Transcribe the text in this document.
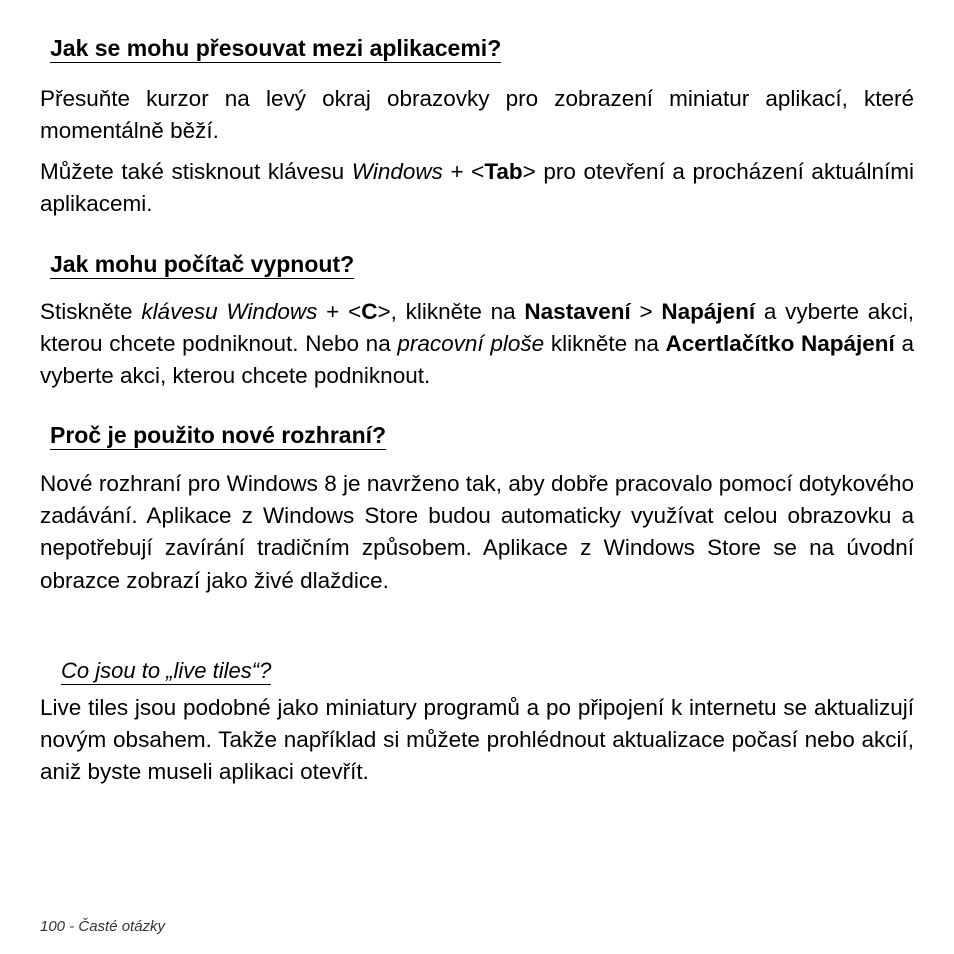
Jak se mohu přesouvat mezi aplikacemi?

Přesuňte kurzor na levý okraj obrazovky pro zobrazení miniatur aplikací, které momentálně běží.

Můžete také stisknout klávesu Windows + <Tab> pro otevření a procházení aktuálními aplikacemi.

Jak mohu počítač vypnout?

Stiskněte klávesu Windows + <C>, klikněte na Nastavení > Napájení a vyberte akci, kterou chcete podniknout. Nebo na pracovní ploše klikněte na Acertlačítko Napájení a vyberte akci, kterou chcete podniknout.

Proč je použito nové rozhraní?

Nové rozhraní pro Windows 8 je navrženo tak, aby dobře pracovalo pomocí dotykového zadávání. Aplikace z Windows Store budou automaticky využívat celou obrazovku a nepotřebují zavírání tradičním způsobem. Aplikace z Windows Store se na úvodní obrazce zobrazí jako živé dlaždice.

Co jsou to „live tiles“?

Live tiles jsou podobné jako miniatury programů a po připojení k internetu se aktualizují novým obsahem. Takže například si můžete prohlédnout aktualizace počasí nebo akcií, aniž byste museli aplikaci otevřít.

100 - Časté otázky
